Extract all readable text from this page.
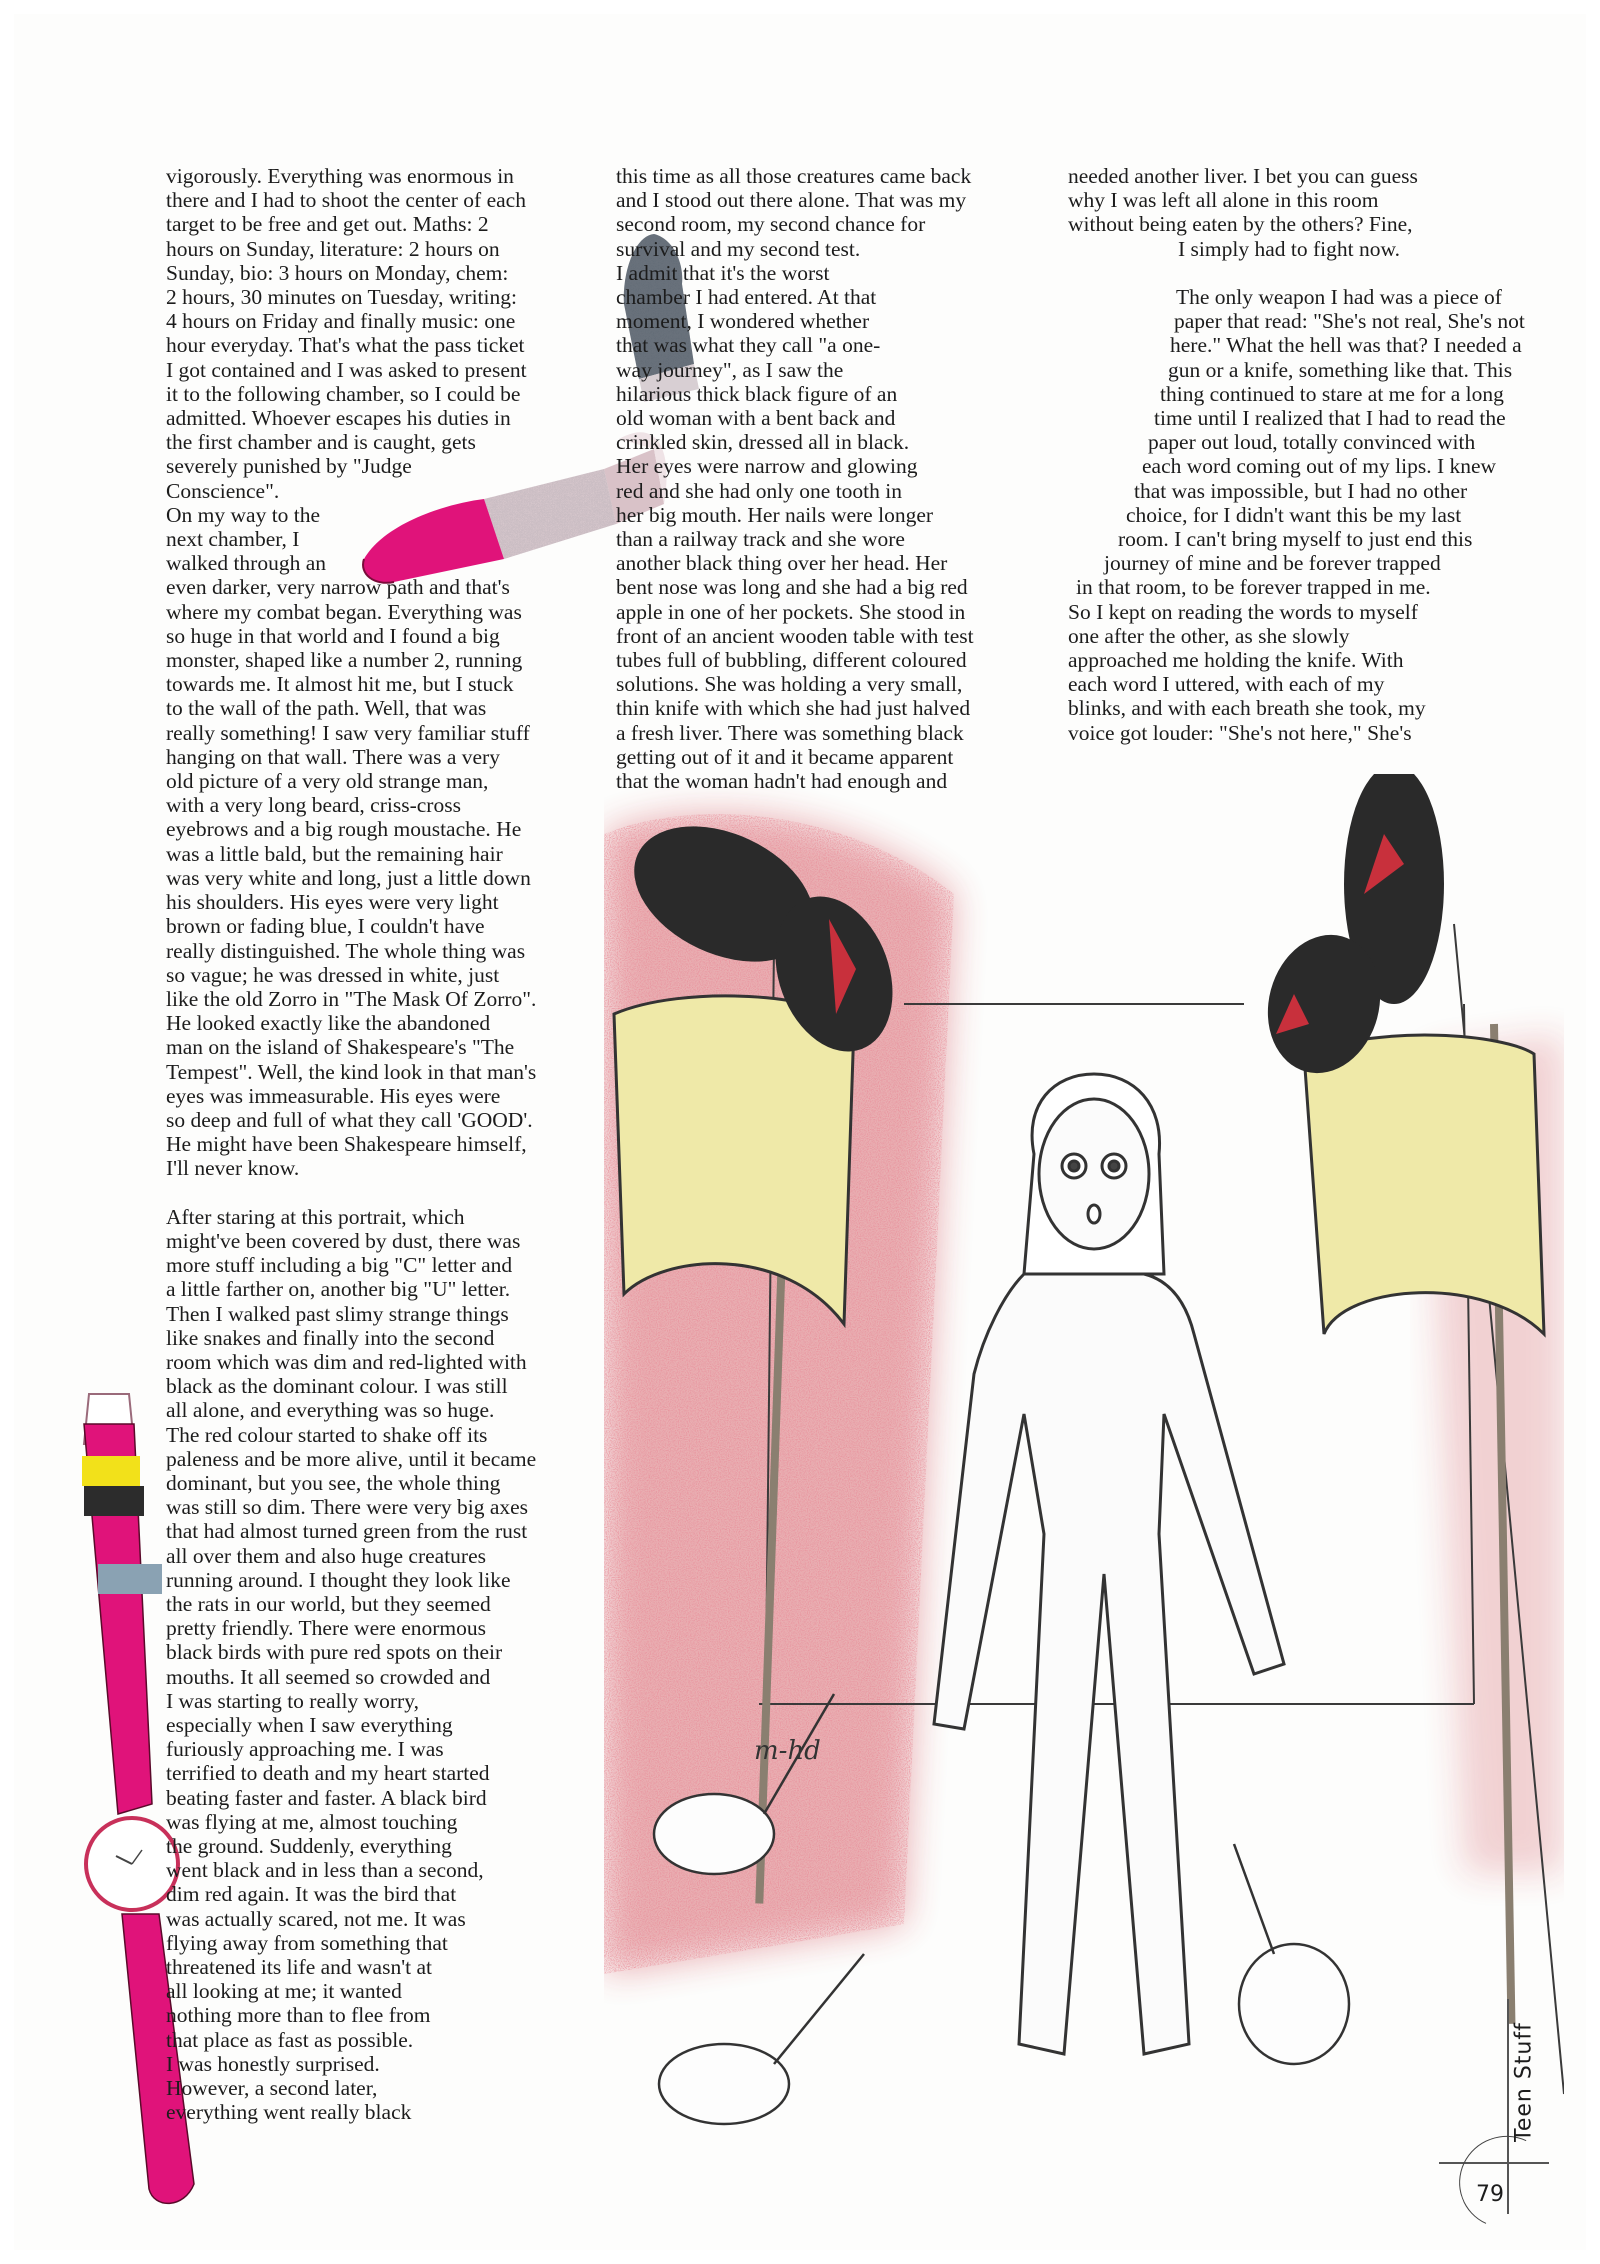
m-hd
vigorously. Everything was enormous in
there and I had to shoot the center of each
target to be free and get out. Maths: 2
hours on Sunday, literature: 2 hours on
Sunday, bio: 3 hours on Monday, chem:
2 hours, 30 minutes on Tuesday, writing:
4 hours on Friday and finally music: one
hour everyday. That's what the pass ticket
I got contained and I was asked to present
it to the following chamber, so I could be
admitted. Whoever escapes his duties in
the first chamber and is caught, gets
severely punished by "Judge
Conscience".
On my way to the
next chamber, I
walked through an
even darker, very narrow path and that's
where my combat began. Everything was
so huge in that world and I found a big
monster, shaped like a number 2, running
towards me. It almost hit me, but I stuck
to the wall of the path. Well, that was
really something! I saw very familiar stuff
hanging on that wall. There was a very
old picture of a very old strange man,
with a very long beard, criss-cross
eyebrows and a big rough moustache. He
was a little bald, but the remaining hair
was very white and long, just a little down
his shoulders. His eyes were very light
brown or fading blue, I couldn't have
really distinguished. The whole thing was
so vague; he was dressed in white, just
like the old Zorro in "The Mask Of Zorro".
He looked exactly like the abandoned
man on the island of Shakespeare's "The
Tempest". Well, the kind look in that man's
eyes was immeasurable. His eyes were
so deep and full of what they call 'GOOD'.
He might have been Shakespeare himself,
I'll never know.
After staring at this portrait, which
might've been covered by dust, there was
more stuff including a big "C" letter and
a little farther on, another big "U" letter.
Then I walked past slimy strange things
like snakes and finally into the second
room which was dim and red-lighted with
black as the dominant colour. I was still
all alone, and everything was so huge.
The red colour started to shake off its
paleness and be more alive, until it became
dominant, but you see, the whole thing
was still so dim. There were very big axes
that had almost turned green from the rust
all over them and also huge creatures
running around. I thought they look like
the rats in our world, but they seemed
pretty friendly. There were enormous
black birds with pure red spots on their
mouths. It all seemed so crowded and
I was starting to really worry,
especially when I saw everything
furiously approaching me. I was
terrified to death and my heart started
beating faster and faster. A black bird
was flying at me, almost touching
the ground. Suddenly, everything
went black and in less than a second,
dim red again. It was the bird that
was actually scared, not me. It was
flying away from something that
threatened its life and wasn't at
all looking at me; it wanted
nothing more than to flee from
that place as fast as possible.
I was honestly surprised.
However, a second later,
everything went really black
this time as all those creatures came back
and I stood out there alone. That was my
second room, my second chance for
survival and my second test.
I admit that it's the worst
chamber I had entered. At that
moment, I wondered whether
that was what they call "a one-
way journey", as I saw the
hilarious thick black figure of an
old woman with a bent back and
crinkled skin, dressed all in black.
Her eyes were narrow and glowing
red and she had only one tooth in
her big mouth. Her nails were longer
than a railway track and she wore
another black thing over her head. Her
bent nose was long and she had a big red
apple in one of her pockets. She stood in
front of an ancient wooden table with test
tubes full of bubbling, different coloured
solutions. She was holding a very small,
thin knife with which she had just halved
a fresh liver. There was something black
getting out of it and it became apparent
that the woman hadn't had enough and
needed another liver. I bet you can guess
why I was left all alone in this room
without being eaten by the others? Fine,
I simply had to fight now.
The only weapon I had was a piece of
paper that read: "She's not real, She's not
here." What the hell was that? I needed a
gun or a knife, something like that. This
thing continued to stare at me for a long
time until I realized that I had to read the
paper out loud, totally convinced with
each word coming out of my lips. I knew
that was impossible, but I had no other
choice, for I didn't want this be my last
room. I can't bring myself to just end this
journey of mine and be forever trapped
in that room, to be forever trapped in me.
So I kept on reading the words to myself
one after the other, as she slowly
approached me holding the knife. With
each word I uttered, with each of my
blinks, and with each breath she took, my
voice got louder: "She's not here," She's
Teen Stuff
79
